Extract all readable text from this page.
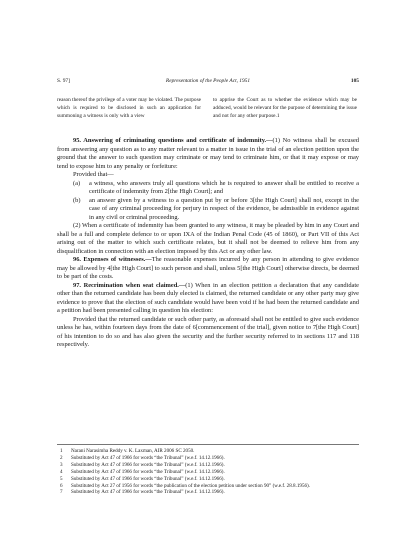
S. 97]	Representation of the People Act, 1951	105
reason thereof the privilege of a voter may be violated. The purpose which is required to be disclosed in such an application for summoning a witness is only with a view
to apprise the Court as to whether the evidence which may be adduced, would be relevant for the purpose of determining the issue and not for any other purpose.1

95. Answering of criminating questions and certificate of indemnity.—(1) No witness shall be excused from answering any question as to any matter relevant to a matter in issue in the trial of an election petition upon the ground that the answer to such question may criminate or may tend to criminate him, or that it may expose or may tend to expose him to any penalty or forfeiture:

Provided that—

(a) a witness, who answers truly all questions which he is required to answer shall be entitled to receive a certificate of indemnity from 2[the High Court]; and

(b) an answer given by a witness to a question put by or before 3[the High Court] shall not, except in the case of any criminal proceeding for perjury in respect of the evidence, be admissible in evidence against in any civil or criminal proceeding.

(2) When a certificate of indemnity has been granted to any witness, it may be pleaded by him in any Court and shall be a full and complete defence to or upon IXA of the Indian Penal Code (45 of 1860), or Part VII of this Act arising out of the matter to which such certificate relates, but it shall not be deemed to relieve him from any disqualification in connection with an election imposed by this Act or any other law.

96. Expenses of witnesses.—The reasonable expenses incurred by any person in attending to give evidence may be allowed by 4[the High Court] to such person and shall, unless 5[the High Court] otherwise directs, be deemed to be part of the costs.

97. Recrimination when seat claimed.—(1) When in an election petition a declaration that any candidate other than the returned candidate has been duly elected is claimed, the returned candidate or any other party may give evidence to prove that the election of such candidate would have been void if he had been the returned candidate and a petition had been presented calling in question his election:

Provided that the returned candidate or such other party, as aforesaid shall not be entitled to give such evidence unless he has, within fourteen days from the date of 6[commencement of the trial], given notice to 7[the High Court] of his intention to do so and has also given the security and the further security referred to in sections 117 and 118 respectively.

1 Narani Narasimha Reddy v. K. Laxman, AIR 2006 SC 2050.
2 Substituted by Act 47 of 1966 for words “the Tribunal” (w.e.f. 14.12.1966).
3 Substituted by Act 47 of 1966 for words “the Tribunal” (w.e.f. 14.12.1966).
4 Substituted by Act 47 of 1966 for words “the Tribunal” (w.e.f. 14.12.1966).
5 Substituted by Act 47 of 1966 for words “the Tribunal” (w.e.f. 14.12.1966).
6 Substituted by Act 27 of 1956 for words “the publication of the election petition under section 90” (w.e.f. 28.8.1956).
7 Substituted by Act 47 of 1966 for words “the Tribunal” (w.e.f. 14.12.1966).
